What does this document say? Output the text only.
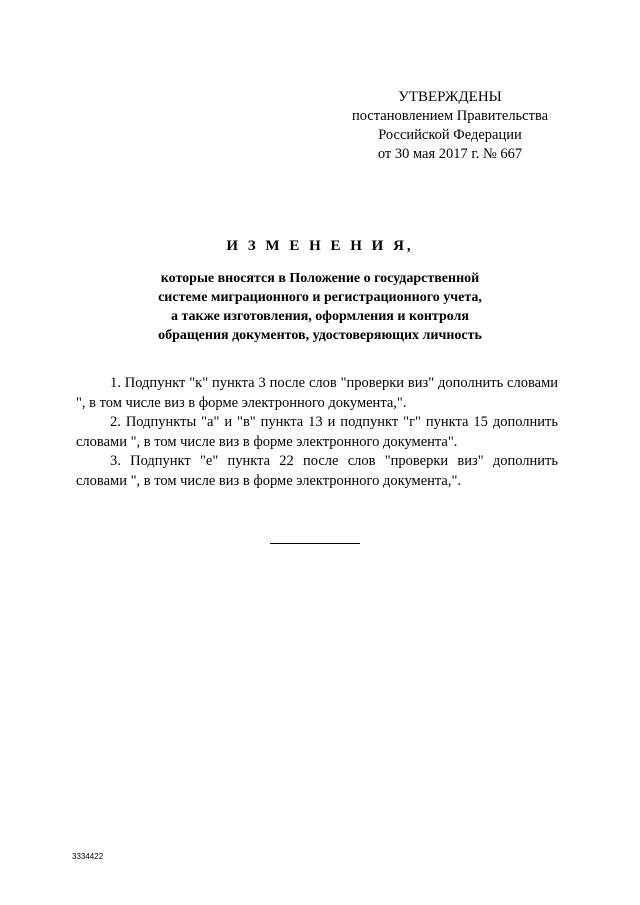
УТВЕРЖДЕНЫ
постановлением Правительства
Российской Федерации
от 30 мая 2017 г. № 667
И З М Е Н Е Н И Я,
которые вносятся в Положение о государственной
системе миграционного и регистрационного учета,
а также изготовления, оформления и контроля
обращения документов, удостоверяющих личность

1. Подпункт "к" пункта 3 после слов "проверки виз" дополнить словами ", в том числе виз в форме электронного документа,".

2. Подпункты "а" и "в" пункта 13 и подпункт "г" пункта 15 дополнить словами ", в том числе виз в форме электронного документа".

3. Подпункт "е" пункта 22 после слов "проверки виз" дополнить словами ", в том числе виз в форме электронного документа,".

3334422
